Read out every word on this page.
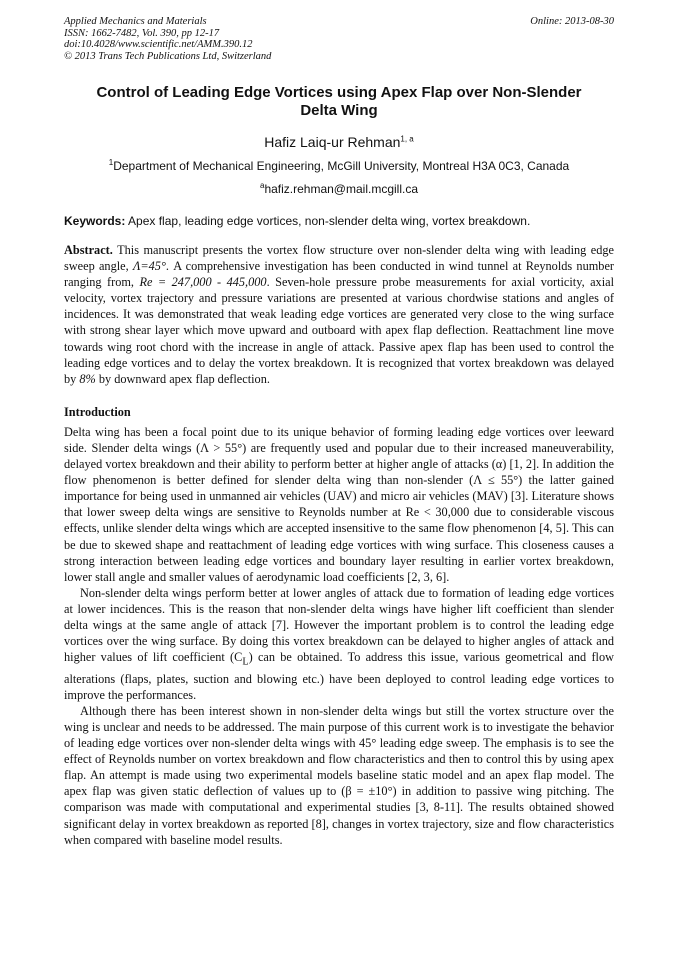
Applied Mechanics and Materials
ISSN: 1662-7482, Vol. 390, pp 12-17
doi:10.4028/www.scientific.net/AMM.390.12
© 2013 Trans Tech Publications Ltd, Switzerland
Online: 2013-08-30
Control of Leading Edge Vortices using Apex Flap over Non-Slender Delta Wing
Hafiz Laiq-ur Rehman$^{1, a}$
$^1$Department of Mechanical Engineering, McGill University, Montreal H3A 0C3, Canada
$^a$hafiz.rehman@mail.mcgill.ca
Keywords: Apex flap, leading edge vortices, non-slender delta wing, vortex breakdown.

Abstract. This manuscript presents the vortex flow structure over non-slender delta wing with leading edge sweep angle, Λ=45°. A comprehensive investigation has been conducted in wind tunnel at Reynolds number ranging from, Re = 247,000 - 445,000. Seven-hole pressure probe measurements for axial vorticity, axial velocity, vortex trajectory and pressure variations are presented at various chordwise stations and angles of incidences. It was demonstrated that weak leading edge vortices are generated very close to the wing surface with strong shear layer which move upward and outboard with apex flap deflection. Reattachment line move towards wing root chord with the increase in angle of attack. Passive apex flap has been used to control the leading edge vortices and to delay the vortex breakdown. It is recognized that vortex breakdown was delayed by 8% by downward apex flap deflection.

Introduction

Delta wing has been a focal point due to its unique behavior of forming leading edge vortices over leeward side. Slender delta wings (Λ > 55°) are frequently used and popular due to their increased maneuverability, delayed vortex breakdown and their ability to perform better at higher angle of attacks (α) [1, 2]. In addition the flow phenomenon is better defined for slender delta wing than non-slender (Λ ≤ 55°) the latter gained importance for being used in unmanned air vehicles (UAV) and micro air vehicles (MAV) [3]. Literature shows that lower sweep delta wings are sensitive to Reynolds number at Re < 30,000 due to considerable viscous effects, unlike slender delta wings which are accepted insensitive to the same flow phenomenon [4, 5]. This can be due to skewed shape and reattachment of leading edge vortices with wing surface. This closeness causes a strong interaction between leading edge vortices and boundary layer resulting in earlier vortex breakdown, lower stall angle and smaller values of aerodynamic load coefficients [2, 3, 6].

Non-slender delta wings perform better at lower angles of attack due to formation of leading edge vortices at lower incidences. This is the reason that non-slender delta wings have higher lift coefficient than slender delta wings at the same angle of attack [7]. However the important problem is to control the leading edge vortices over the wing surface. By doing this vortex breakdown can be delayed to higher angles of attack and higher values of lift coefficient $(C_L)$ can be obtained. To address this issue, various geometrical and flow alterations (flaps, plates, suction and blowing etc.) have been deployed to control leading edge vortices to improve the performances.

Although there has been interest shown in non-slender delta wings but still the vortex structure over the wing is unclear and needs to be addressed. The main purpose of this current work is to investigate the behavior of leading edge vortices over non-slender delta wings with 45° leading edge sweep. The emphasis is to see the effect of Reynolds number on vortex breakdown and flow characteristics and then to control this by using apex flap. An attempt is made using two experimental models baseline static model and an apex flap model. The apex flap was given static deflection of values up to (β = ±10°) in addition to passive wing pitching. The comparison was made with computational and experimental studies [3, 8-11]. The results obtained showed significant delay in vortex breakdown as reported [8], changes in vortex trajectory, size and flow characteristics when compared with baseline model results.
